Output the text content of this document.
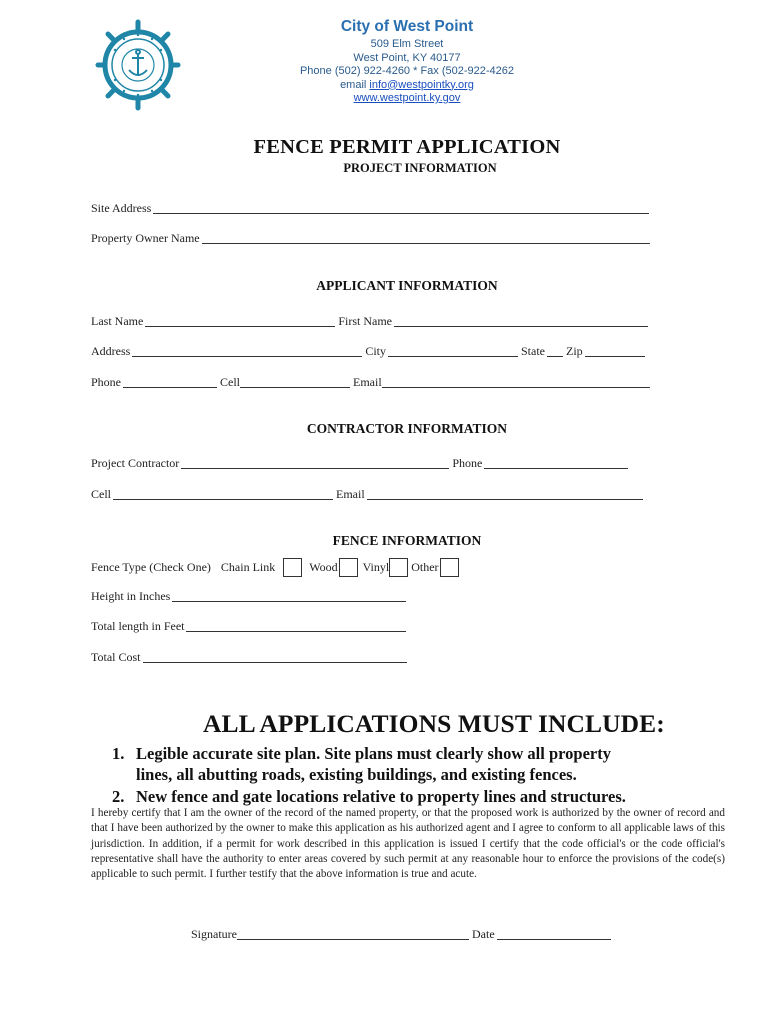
City of West Point
509 Elm Street
West Point, KY 40177
Phone (502) 922-4260 * Fax (502-922-4262
email info@westpointky.org
www.westpoint.ky.gov
FENCE PERMIT APPLICATION
PROJECT INFORMATION
Site Address
Property Owner Name
APPLICANT INFORMATION
Last Name	First Name
Address	City	State Zip
Phone	Cell	Email
CONTRACTOR INFORMATION
Project Contractor	Phone
Cell	Email
FENCE INFORMATION
Fence Type (Check One) Chain Link	Wood Vinyl Other
Height in Inches
Total length in Feet
Total Cost
ALL APPLICATIONS MUST INCLUDE:
1. Legible accurate site plan. Site plans must clearly show all property
lines, all abutting roads, existing buildings, and existing fences.
2. New fence and gate locations relative to property lines and structures.
I hereby certify that I am the owner of the record of the named property, or that the proposed work is authorized by the owner of record and that I have been authorized by the owner to make this application as his authorized agent and I agree to conform to all applicable laws of this jurisdiction. In addition, if a permit for work described in this application is issued I certify that the code official's or the code official's representative shall have the authority to enter areas covered by such permit at any reasonable hour to enforce the provisions of the code(s) applicable to such permit. I further testify that the above information is true and acute.
Signature	Date
